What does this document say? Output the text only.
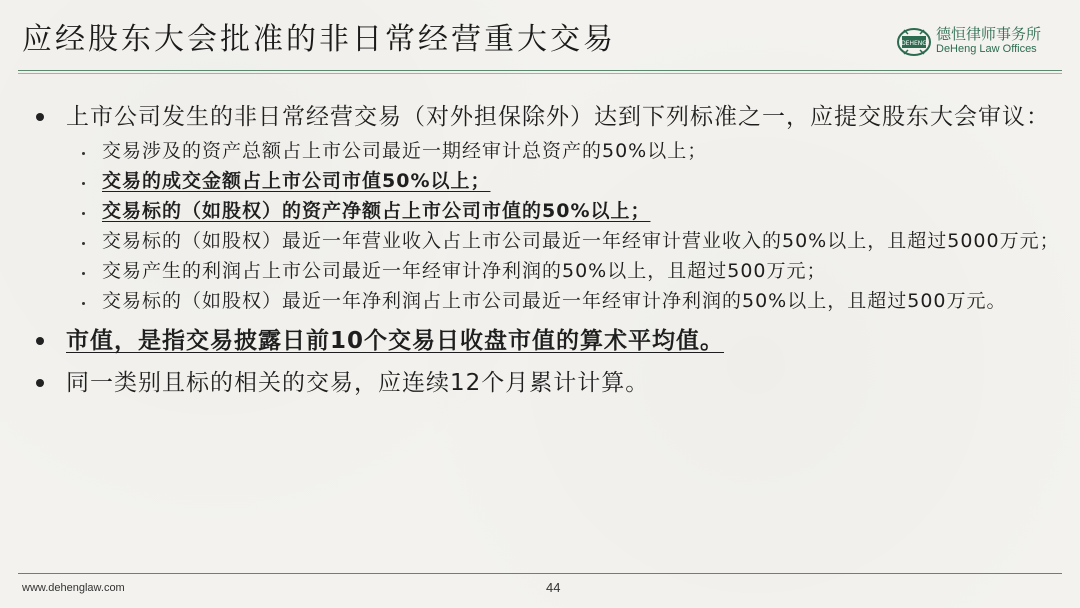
应经股东大会批准的非日常经营重大交易	DEHENG
德恒律师事务所
DeHeng Law Offices
上市公司发生的非日常经营交易（对外担保除外）达到下列标准之一，应提交股东大会审议：
交易涉及的资产总额占上市公司最近一期经审计总资产的50%以上；
交易的成交金额占上市公司市值50%以上；
交易标的（如股权）的资产净额占上市公司市值的50%以上；
交易标的（如股权）最近一年营业收入占上市公司最近一年经审计营业收入的50%以上，且超过5000万元；
交易产生的利润占上市公司最近一年经审计净利润的50%以上，且超过500万元；
交易标的（如股权）最近一年净利润占上市公司最近一年经审计净利润的50%以上，且超过500万元。
市值，是指交易披露日前10个交易日收盘市值的算术平均值。
同一类别且标的相关的交易，应连续12个月累计计算。
www.dehenglaw.com	44
